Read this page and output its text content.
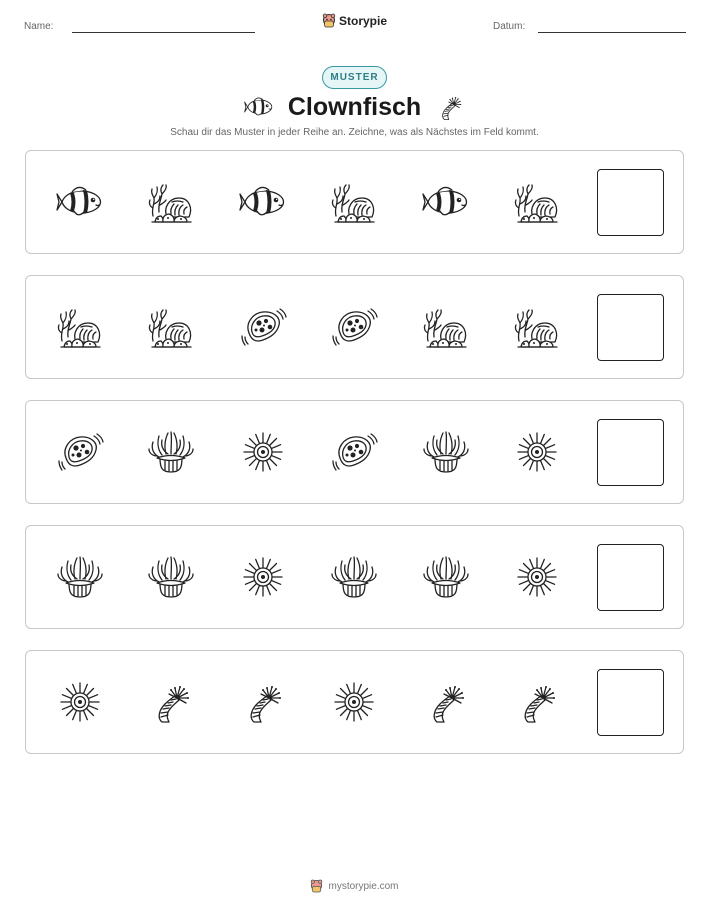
Name:	Storypie	Datum:
MUSTER
Clownfisch

Schau dir das Muster in jeder Reihe an. Zeichne, was als Nächstes im Feld kommt.

mystorypie.com
